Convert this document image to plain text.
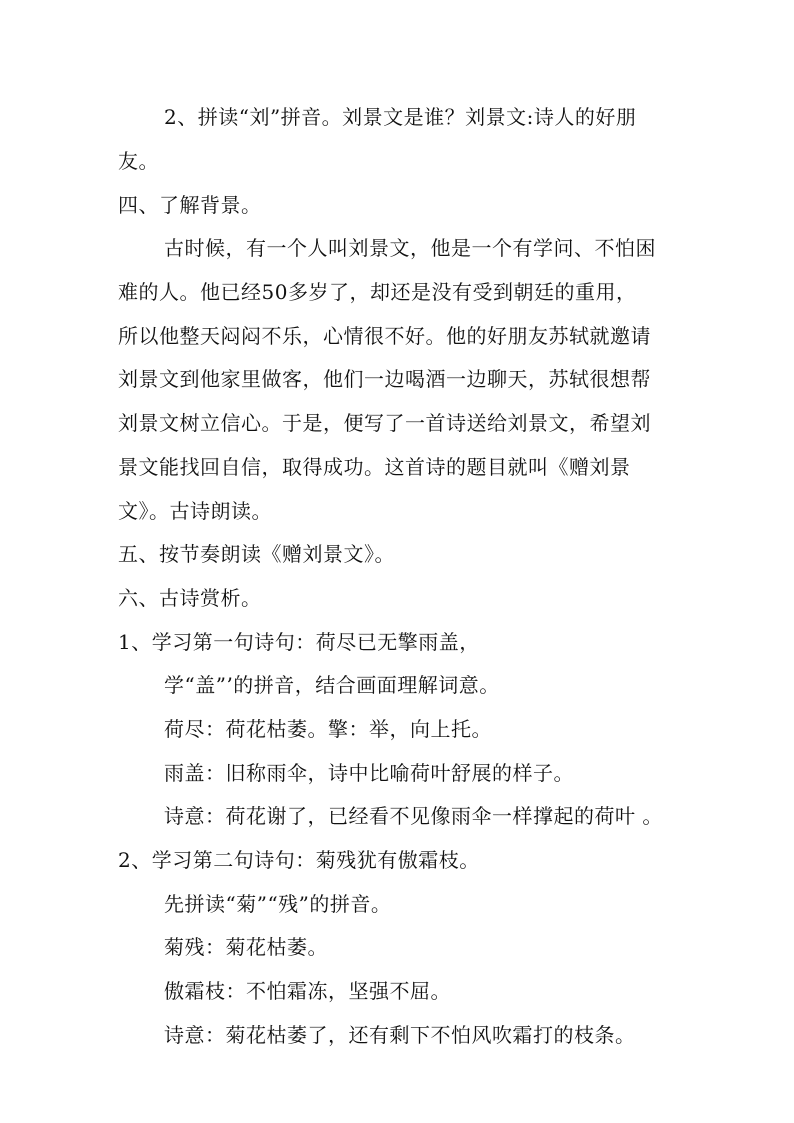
2、拼读“刘”拼音。刘景文是谁？刘景文:诗人的好朋
友。
四、了解背景。
古时候，有一个人叫刘景文，他是一个有学问、不怕困
难的人。他已经50多岁了，却还是没有受到朝廷的重用，
所以他整天闷闷不乐，心情很不好。他的好朋友苏轼就邀请
刘景文到他家里做客，他们一边喝酒一边聊天，苏轼很想帮
刘景文树立信心。于是，便写了一首诗送给刘景文，希望刘
景文能找回自信，取得成功。这首诗的题目就叫《赠刘景
文》。古诗朗读。
五、按节奏朗读《赠刘景文》。
六、古诗赏析。
1、学习第一句诗句：荷尽已无擎雨盖，
学“盖”’的拼音，结合画面理解词意。
荷尽：荷花枯萎。擎：举，向上托。
雨盖：旧称雨伞，诗中比喻荷叶舒展的样子。
诗意：荷花谢了，已经看不见像雨伞一样撑起的荷叶 。
2、学习第二句诗句：菊残犹有傲霜枝。
先拼读“菊”“残”的拼音。
菊残：菊花枯萎。
傲霜枝：不怕霜冻，坚强不屈。
诗意：菊花枯萎了，还有剩下不怕风吹霜打的枝条。
